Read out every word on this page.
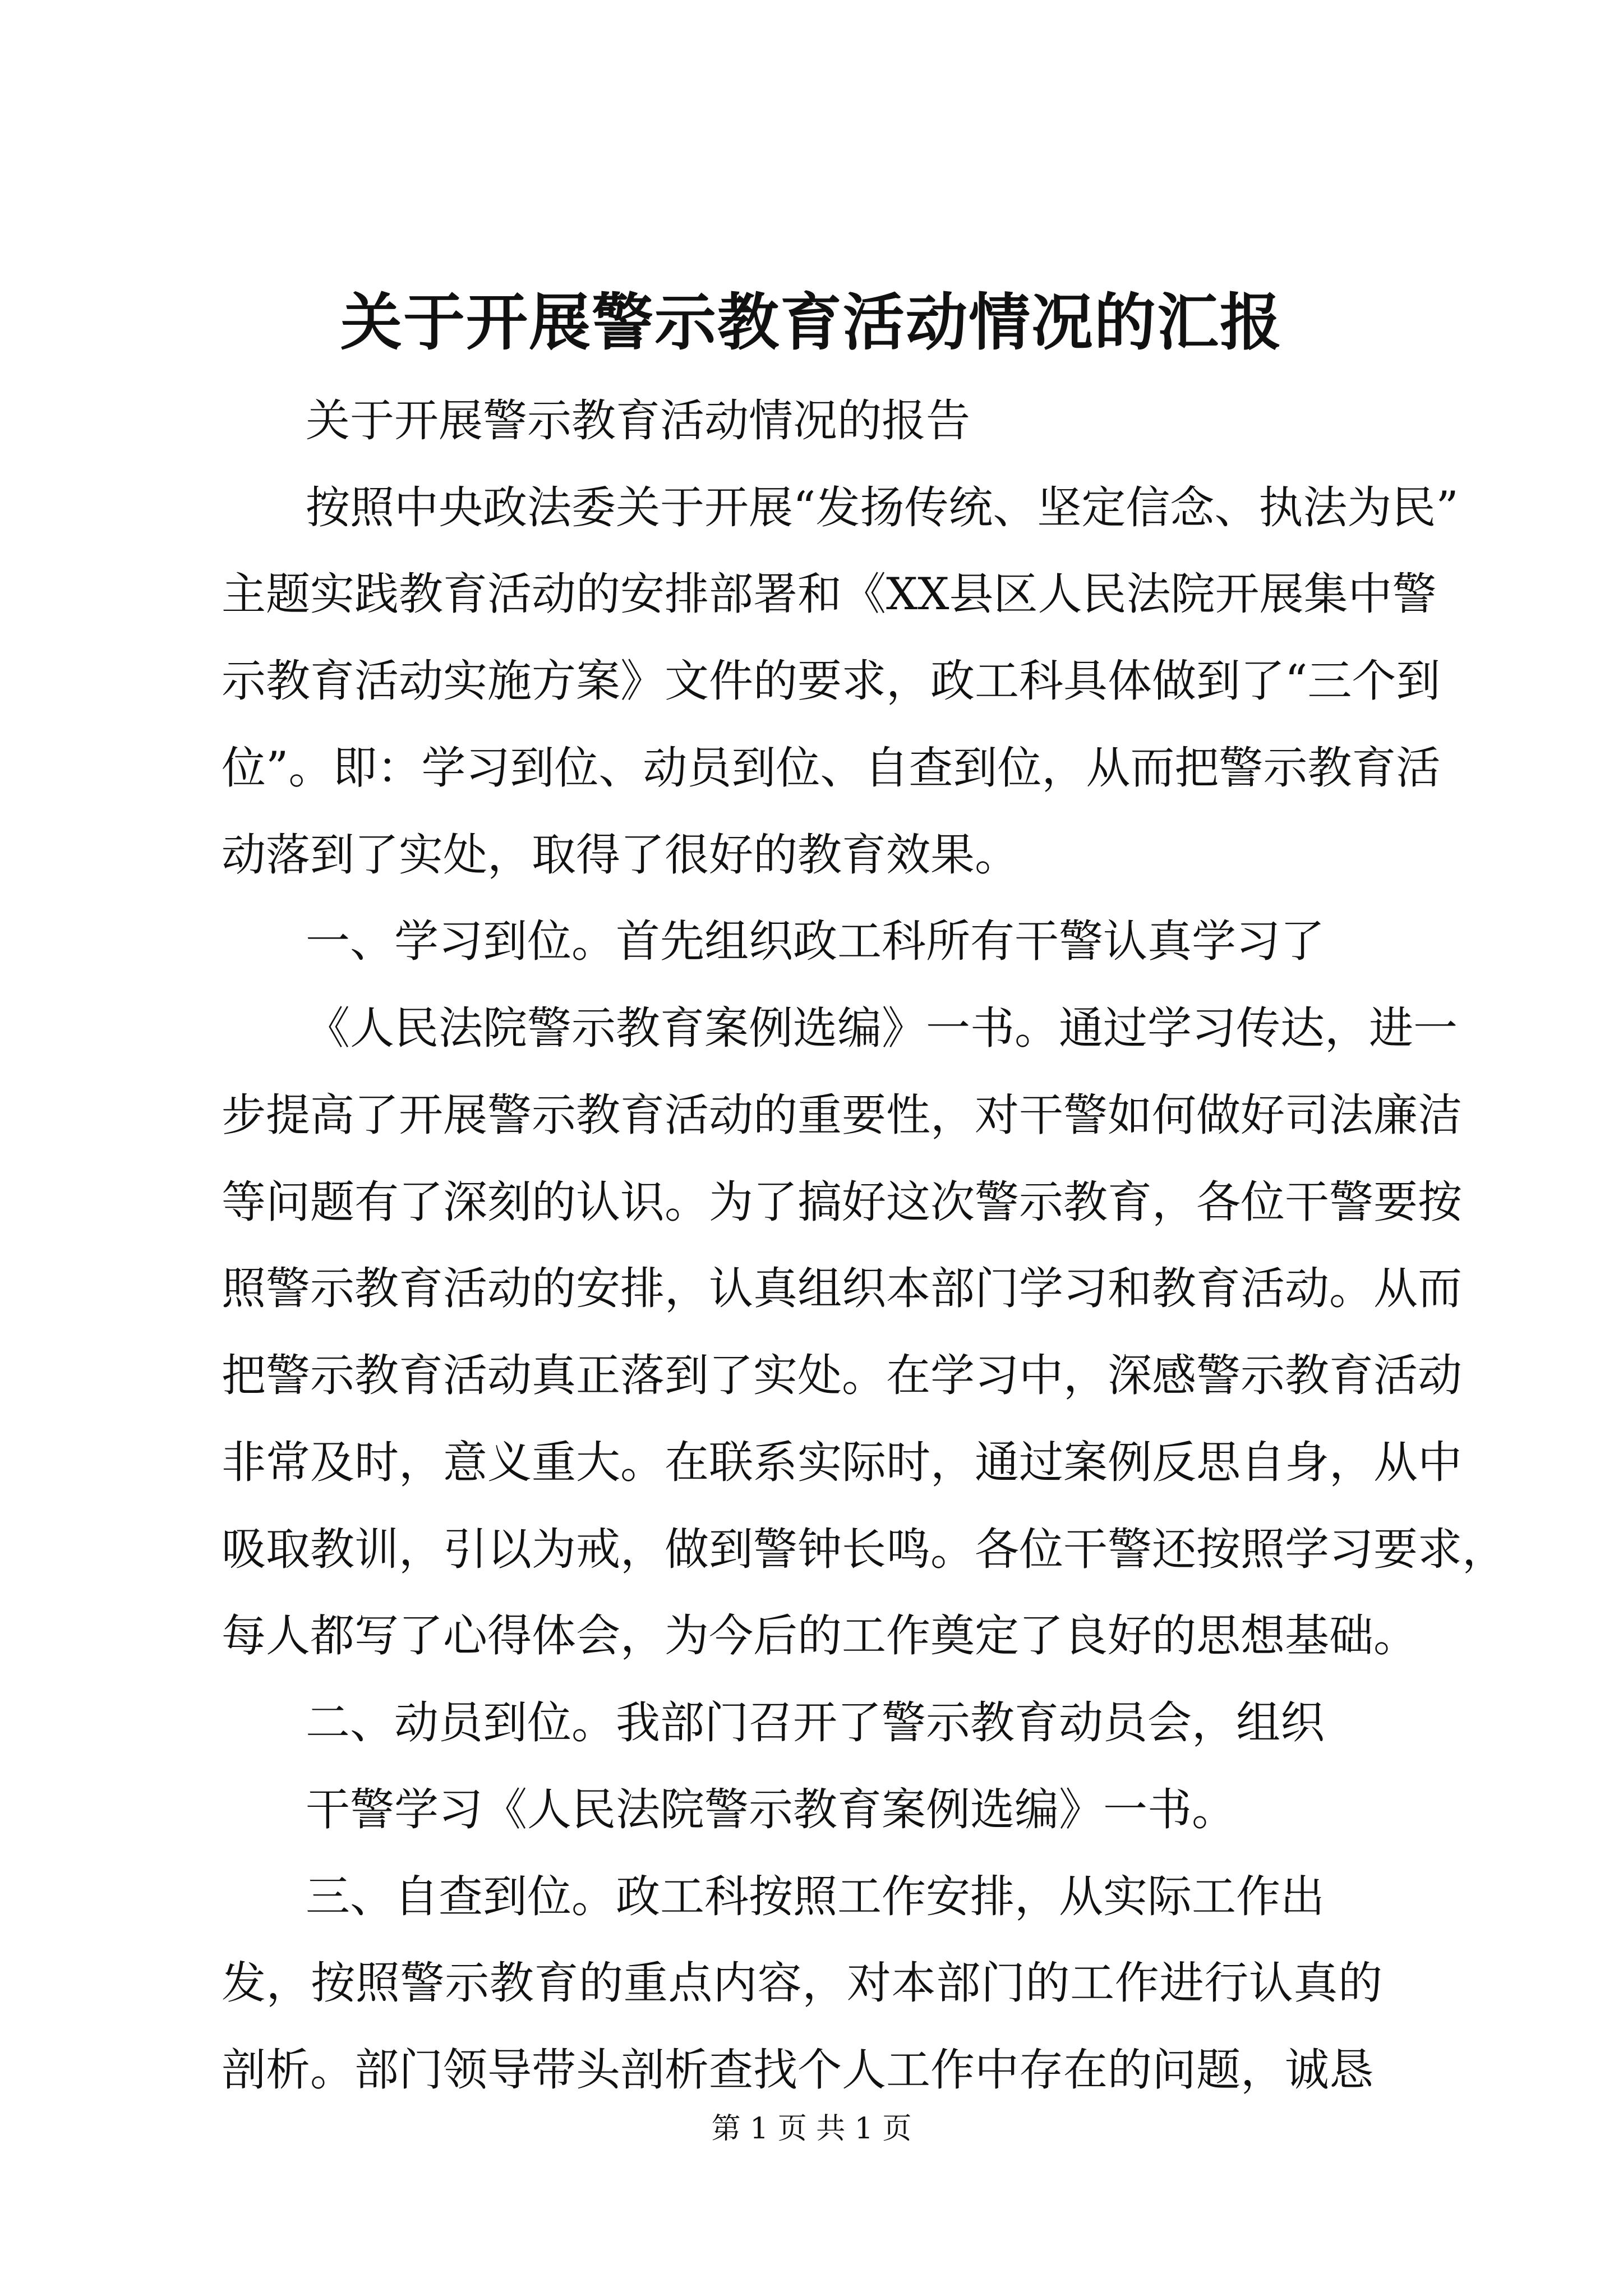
关于开展警示教育活动情况的汇报
关于开展警示教育活动情况的报告
按照中央政法委关于开展“发扬传统、坚定信念、执法为民”
主题实践教育活动的安排部署和《XX县区人民法院开展集中警
示教育活动实施方案》文件的要求，政工科具体做到了“三个到
位”。即：学习到位、动员到位、自查到位，从而把警示教育活
动落到了实处，取得了很好的教育效果。
一、学习到位。首先组织政工科所有干警认真学习了
《人民法院警示教育案例选编》一书。通过学习传达，进一
步提高了开展警示教育活动的重要性，对干警如何做好司法廉洁
等问题有了深刻的认识。为了搞好这次警示教育，各位干警要按
照警示教育活动的安排，认真组织本部门学习和教育活动。从而
把警示教育活动真正落到了实处。在学习中，深感警示教育活动
非常及时，意义重大。在联系实际时，通过案例反思自身，从中
吸取教训，引以为戒，做到警钟长鸣。各位干警还按照学习要求，
每人都写了心得体会，为今后的工作奠定了良好的思想基础。
二、动员到位。我部门召开了警示教育动员会，组织
干警学习《人民法院警示教育案例选编》一书。
三、自查到位。政工科按照工作安排，从实际工作出
发，按照警示教育的重点内容，对本部门的工作进行认真的
剖析。部门领导带头剖析查找个人工作中存在的问题，诚恳
第 1 页 共 1 页
